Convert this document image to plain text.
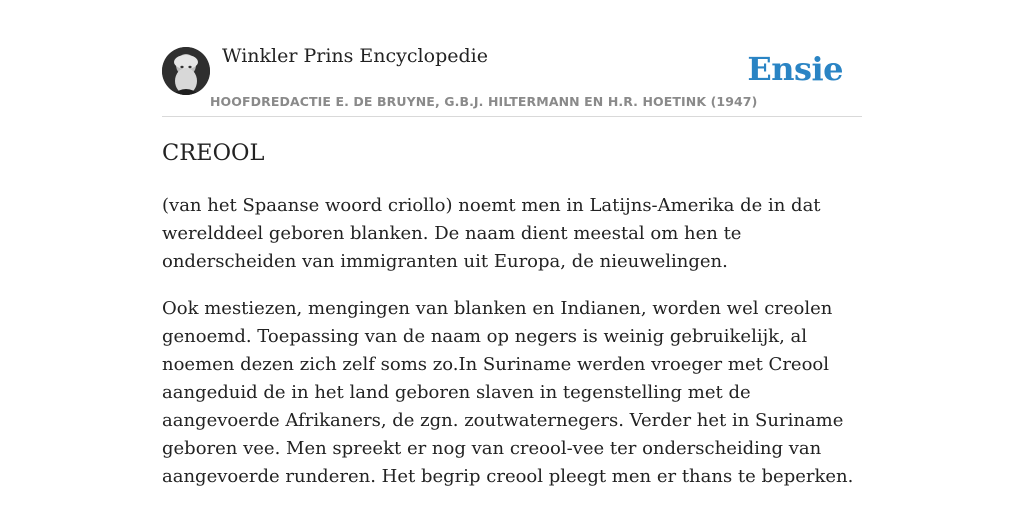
Winkler Prins Encyclopedie
HOOFDREDACTIE E. DE BRUYNE, G.B.J. HILTERMANN EN H.R. HOETINK (1947)
Ensie
CREOOL

(van het Spaanse woord criollo) noemt men in Latijns-Amerika de in dat werelddeel geboren blanken. De naam dient meestal om hen te onderscheiden van immigranten uit Europa, de nieuwelingen.

Ook mestiezen, mengingen van blanken en Indianen, worden wel creolen genoemd. Toepassing van de naam op negers is weinig gebruikelijk, al noemen dezen zich zelf soms zo.In Suriname werden vroeger met Creool aangeduid de in het land geboren slaven in tegenstelling met de aangevoerde Afrikaners, de zgn. zoutwaternegers. Verder het in Suriname geboren vee. Men spreekt er nog van creool-vee ter onderscheiding van aangevoerde runderen. Het begrip creool pleegt men er thans te beperken.
